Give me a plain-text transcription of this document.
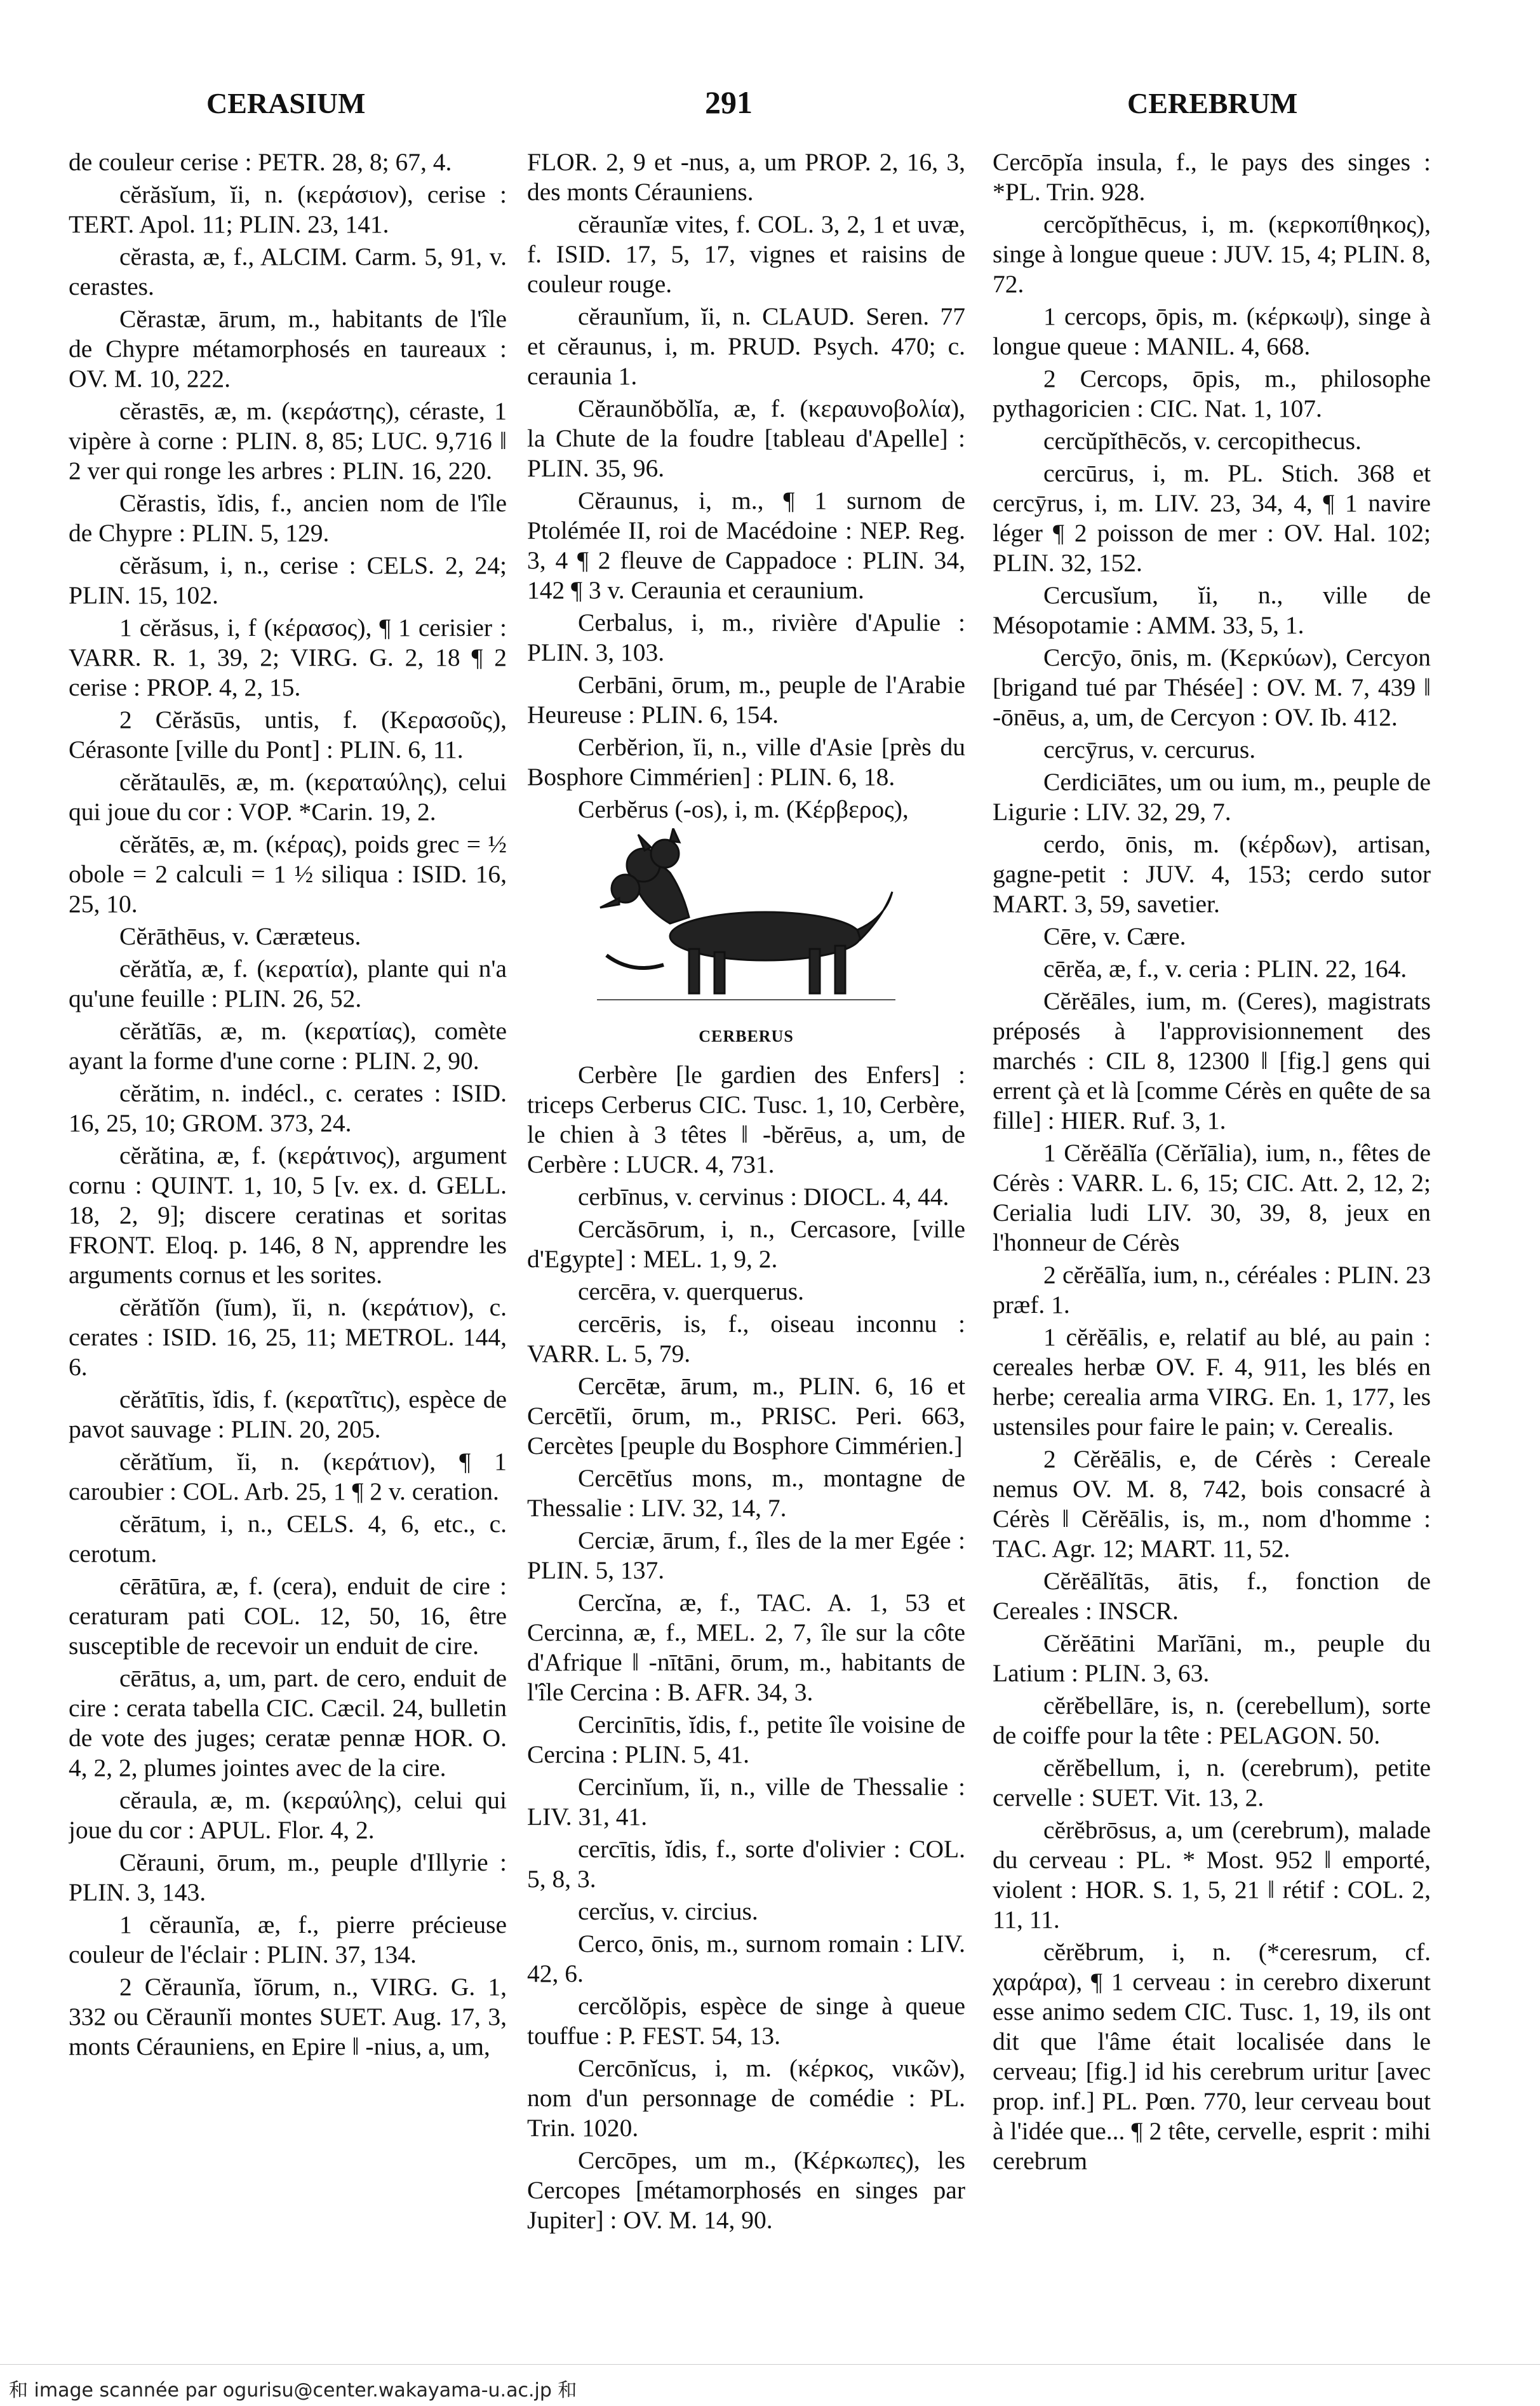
CERASIUM	291	CEREBRUM

de couleur cerise : PETR. 28, 8; 67, 4.

cĕrăsĭum, ĭi, n. (κεράσιον), cerise : TERT. Apol. 11; PLIN. 23, 141.

cĕrasta, æ, f., ALCIM. Carm. 5, 91, v. cerastes.

Cĕrastæ, ārum, m., habitants de l'île de Chypre métamorphosés en taureaux : OV. M. 10, 222.

cĕrastēs, æ, m. (κεράστης), céraste, 1 vipère à corne : PLIN. 8, 85; LUC. 9,716 ‖ 2 ver qui ronge les arbres : PLIN. 16, 220.

Cĕrastis, ĭdis, f., ancien nom de l'île de Chypre : PLIN. 5, 129.

cĕrăsum, i, n., cerise : CELS. 2, 24; PLIN. 15, 102.

1 cĕrăsus, i, f (κέρασος), ¶ 1 cerisier : VARR. R. 1, 39, 2; VIRG. G. 2, 18 ¶ 2 cerise : PROP. 4, 2, 15.

2 Cĕrăsūs, untis, f. (Κερασοῦς), Cérasonte [ville du Pont] : PLIN. 6, 11.

cĕrătaulēs, æ, m. (κεραταύλης), celui qui joue du cor : VOP. *Carin. 19, 2.

cĕrătēs, æ, m. (κέρας), poids grec = ½ obole = 2 calculi = 1 ½ siliqua : ISID. 16, 25, 10.

Cĕrāthēus, v. Cæræteus.

cĕrătĭa, æ, f. (κερατία), plante qui n'a qu'une feuille : PLIN. 26, 52.

cĕrătĭās, æ, m. (κερατίας), comète ayant la forme d'une corne : PLIN. 2, 90.

cĕrătim, n. indécl., c. cerates : ISID. 16, 25, 10; GROM. 373, 24.

cĕrătina, æ, f. (κεράτινος), argument cornu : QUINT. 1, 10, 5 [v. ex. d. GELL. 18, 2, 9]; discere ceratinas et soritas FRONT. Eloq. p. 146, 8 N, apprendre les arguments cornus et les sorites.

cĕrătĭŏn (ĭum), ĭi, n. (κεράτιον), c. cerates : ISID. 16, 25, 11; METROL. 144, 6.

cĕrătītis, ĭdis, f. (κερατῖτις), espèce de pavot sauvage : PLIN. 20, 205.

cĕrătĭum, ĭi, n. (κεράτιον), ¶ 1 caroubier : COL. Arb. 25, 1 ¶ 2 v. ceration.

cĕrātum, i, n., CELS. 4, 6, etc., c. cerotum.

cērātūra, æ, f. (cera), enduit de cire : ceraturam pati COL. 12, 50, 16, être susceptible de recevoir un enduit de cire.

cērātus, a, um, part. de cero, enduit de cire : cerata tabella CIC. Cæcil. 24, bulletin de vote des juges; ceratæ pennæ HOR. O. 4, 2, 2, plumes jointes avec de la cire.

cĕraula, æ, m. (κεραύλης), celui qui joue du cor : APUL. Flor. 4, 2.

Cĕrauni, ōrum, m., peuple d'Illyrie : PLIN. 3, 143.

1 cĕraunĭa, æ, f., pierre précieuse couleur de l'éclair : PLIN. 37, 134.

2 Cĕraunĭa, ĭōrum, n., VIRG. G. 1, 332 ou Cĕraunĭi montes SUET. Aug. 17, 3, monts Cérauniens, en Epire ‖ -nius, a, um,

FLOR. 2, 9 et -nus, a, um PROP. 2, 16, 3, des monts Cérauniens.

cĕraunĭæ vites, f. COL. 3, 2, 1 et uvæ, f. ISID. 17, 5, 17, vignes et raisins de couleur rouge.

cĕraunĭum, ĭi, n. CLAUD. Seren. 77 et cĕraunus, i, m. PRUD. Psych. 470; c. ceraunia 1.

Cĕraunŏbŏlĭa, æ, f. (κεραυνοβολία), la Chute de la foudre [tableau d'Apelle] : PLIN. 35, 96.

Cĕraunus, i, m., ¶ 1 surnom de Ptolémée II, roi de Macédoine : NEP. Reg. 3, 4 ¶ 2 fleuve de Cappadoce : PLIN. 34, 142 ¶ 3 v. Ceraunia et ceraunium.

Cerbalus, i, m., rivière d'Apulie : PLIN. 3, 103.

Cerbāni, ōrum, m., peuple de l'Arabie Heureuse : PLIN. 6, 154.

Cerbĕrion, ĭi, n., ville d'Asie [près du Bosphore Cimmérien] : PLIN. 6, 18.

Cerbĕrus (-os), i, m. (Κέρβερος),

CERBERUS

Cerbère [le gardien des Enfers] : triceps Cerberus CIC. Tusc. 1, 10, Cerbère, le chien à 3 têtes ‖ -bĕrēus, a, um, de Cerbère : LUCR. 4, 731.

cerbīnus, v. cervinus : DIOCL. 4, 44.

Cercăsōrum, i, n., Cercasore, [ville d'Egypte] : MEL. 1, 9, 2.

cercēra, v. querquerus.

cercēris, is, f., oiseau inconnu : VARR. L. 5, 79.

Cercētæ, ārum, m., PLIN. 6, 16 et Cercētĭi, ōrum, m., PRISC. Peri. 663, Cercètes [peuple du Bosphore Cimmérien.]

Cercētĭus mons, m., montagne de Thessalie : LIV. 32, 14, 7.

Cerciæ, ārum, f., îles de la mer Egée : PLIN. 5, 137.

Cercĭna, æ, f., TAC. A. 1, 53 et Cercinna, æ, f., MEL. 2, 7, île sur la côte d'Afrique ‖ -nītāni, ōrum, m., habitants de l'île Cercina : B. AFR. 34, 3.

Cercinītis, ĭdis, f., petite île voisine de Cercina : PLIN. 5, 41.

Cercinĭum, ĭi, n., ville de Thessalie : LIV. 31, 41.

cercītis, ĭdis, f., sorte d'olivier : COL. 5, 8, 3.

cercĭus, v. circius.

Cerco, ōnis, m., surnom romain : LIV. 42, 6.

cercŏlŏpis, espèce de singe à queue touffue : P. FEST. 54, 13.

Cercōnĭcus, i, m. (κέρκος, νικῶν), nom d'un personnage de comédie : PL. Trin. 1020.

Cercōpes, um m., (Κέρκωπες), les Cercopes [métamorphosés en singes par Jupiter] : OV. M. 14, 90.

Cercōpĭa insula, f., le pays des singes : *PL. Trin. 928.

cercŏpĭthēcus, i, m. (κερκοπίθηκος), singe à longue queue : JUV. 15, 4; PLIN. 8, 72.

1 cercops, ōpis, m. (κέρκωψ), singe à longue queue : MANIL. 4, 668.

2 Cercops, ōpis, m., philosophe pythagoricien : CIC. Nat. 1, 107.

cercŭpĭthēcŏs, v. cercopithecus.

cercūrus, i, m. PL. Stich. 368 et cercȳrus, i, m. LIV. 23, 34, 4, ¶ 1 navire léger ¶ 2 poisson de mer : OV. Hal. 102; PLIN. 32, 152.

Cercusĭum, ĭi, n., ville de Mésopotamie : AMM. 33, 5, 1.

Cercȳo, ōnis, m. (Κερκύων), Cercyon [brigand tué par Thésée] : OV. M. 7, 439 ‖ -ōnēus, a, um, de Cercyon : OV. Ib. 412.

cercȳrus, v. cercurus.

Cerdiciātes, um ou ium, m., peuple de Ligurie : LIV. 32, 29, 7.

cerdo, ōnis, m. (κέρδων), artisan, gagne-petit : JUV. 4, 153; cerdo sutor MART. 3, 59, savetier.

Cēre, v. Cære.

cērĕa, æ, f., v. ceria : PLIN. 22, 164.

Cĕrĕāles, ium, m. (Ceres), magistrats préposés à l'approvisionnement des marchés : CIL 8, 12300 ‖ [fig.] gens qui errent çà et là [comme Cérès en quête de sa fille] : HIER. Ruf. 3, 1.

1 Cĕrĕālĭa (Cĕrĭālia), ium, n., fêtes de Cérès : VARR. L. 6, 15; CIC. Att. 2, 12, 2; Cerialia ludi LIV. 30, 39, 8, jeux en l'honneur de Cérès

2 cĕrĕālĭa, ium, n., céréales : PLIN. 23 præf. 1.

1 cĕrĕālis, e, relatif au blé, au pain : cereales herbæ OV. F. 4, 911, les blés en herbe; cerealia arma VIRG. En. 1, 177, les ustensiles pour faire le pain; v. Cerealis.

2 Cĕrĕālis, e, de Cérès : Cereale nemus OV. M. 8, 742, bois consacré à Cérès ‖ Cĕrĕālis, is, m., nom d'homme : TAC. Agr. 12; MART. 11, 52.

Cĕrĕālĭtās, ātis, f., fonction de Cereales : INSCR.

Cĕrĕātini Marĭāni, m., peuple du Latium : PLIN. 3, 63.

cĕrĕbellāre, is, n. (cerebellum), sorte de coiffe pour la tête : PELAGON. 50.

cĕrĕbellum, i, n. (cerebrum), petite cervelle : SUET. Vit. 13, 2.

cĕrĕbrōsus, a, um (cerebrum), malade du cerveau : PL. * Most. 952 ‖ emporté, violent : HOR. S. 1, 5, 21 ‖ rétif : COL. 2, 11, 11.

cĕrĕbrum, i, n. (*ceresrum, cf. χαράρα), ¶ 1 cerveau : in cerebro dixerunt esse animo sedem CIC. Tusc. 1, 19, ils ont dit que l'âme était localisée dans le cerveau; [fig.] id his cerebrum uritur [avec prop. inf.] PL. Pœn. 770, leur cerveau bout à l'idée que... ¶ 2 tête, cervelle, esprit : mihi cerebrum

和 image scannée par ogurisu@center.wakayama-u.ac.jp 和
